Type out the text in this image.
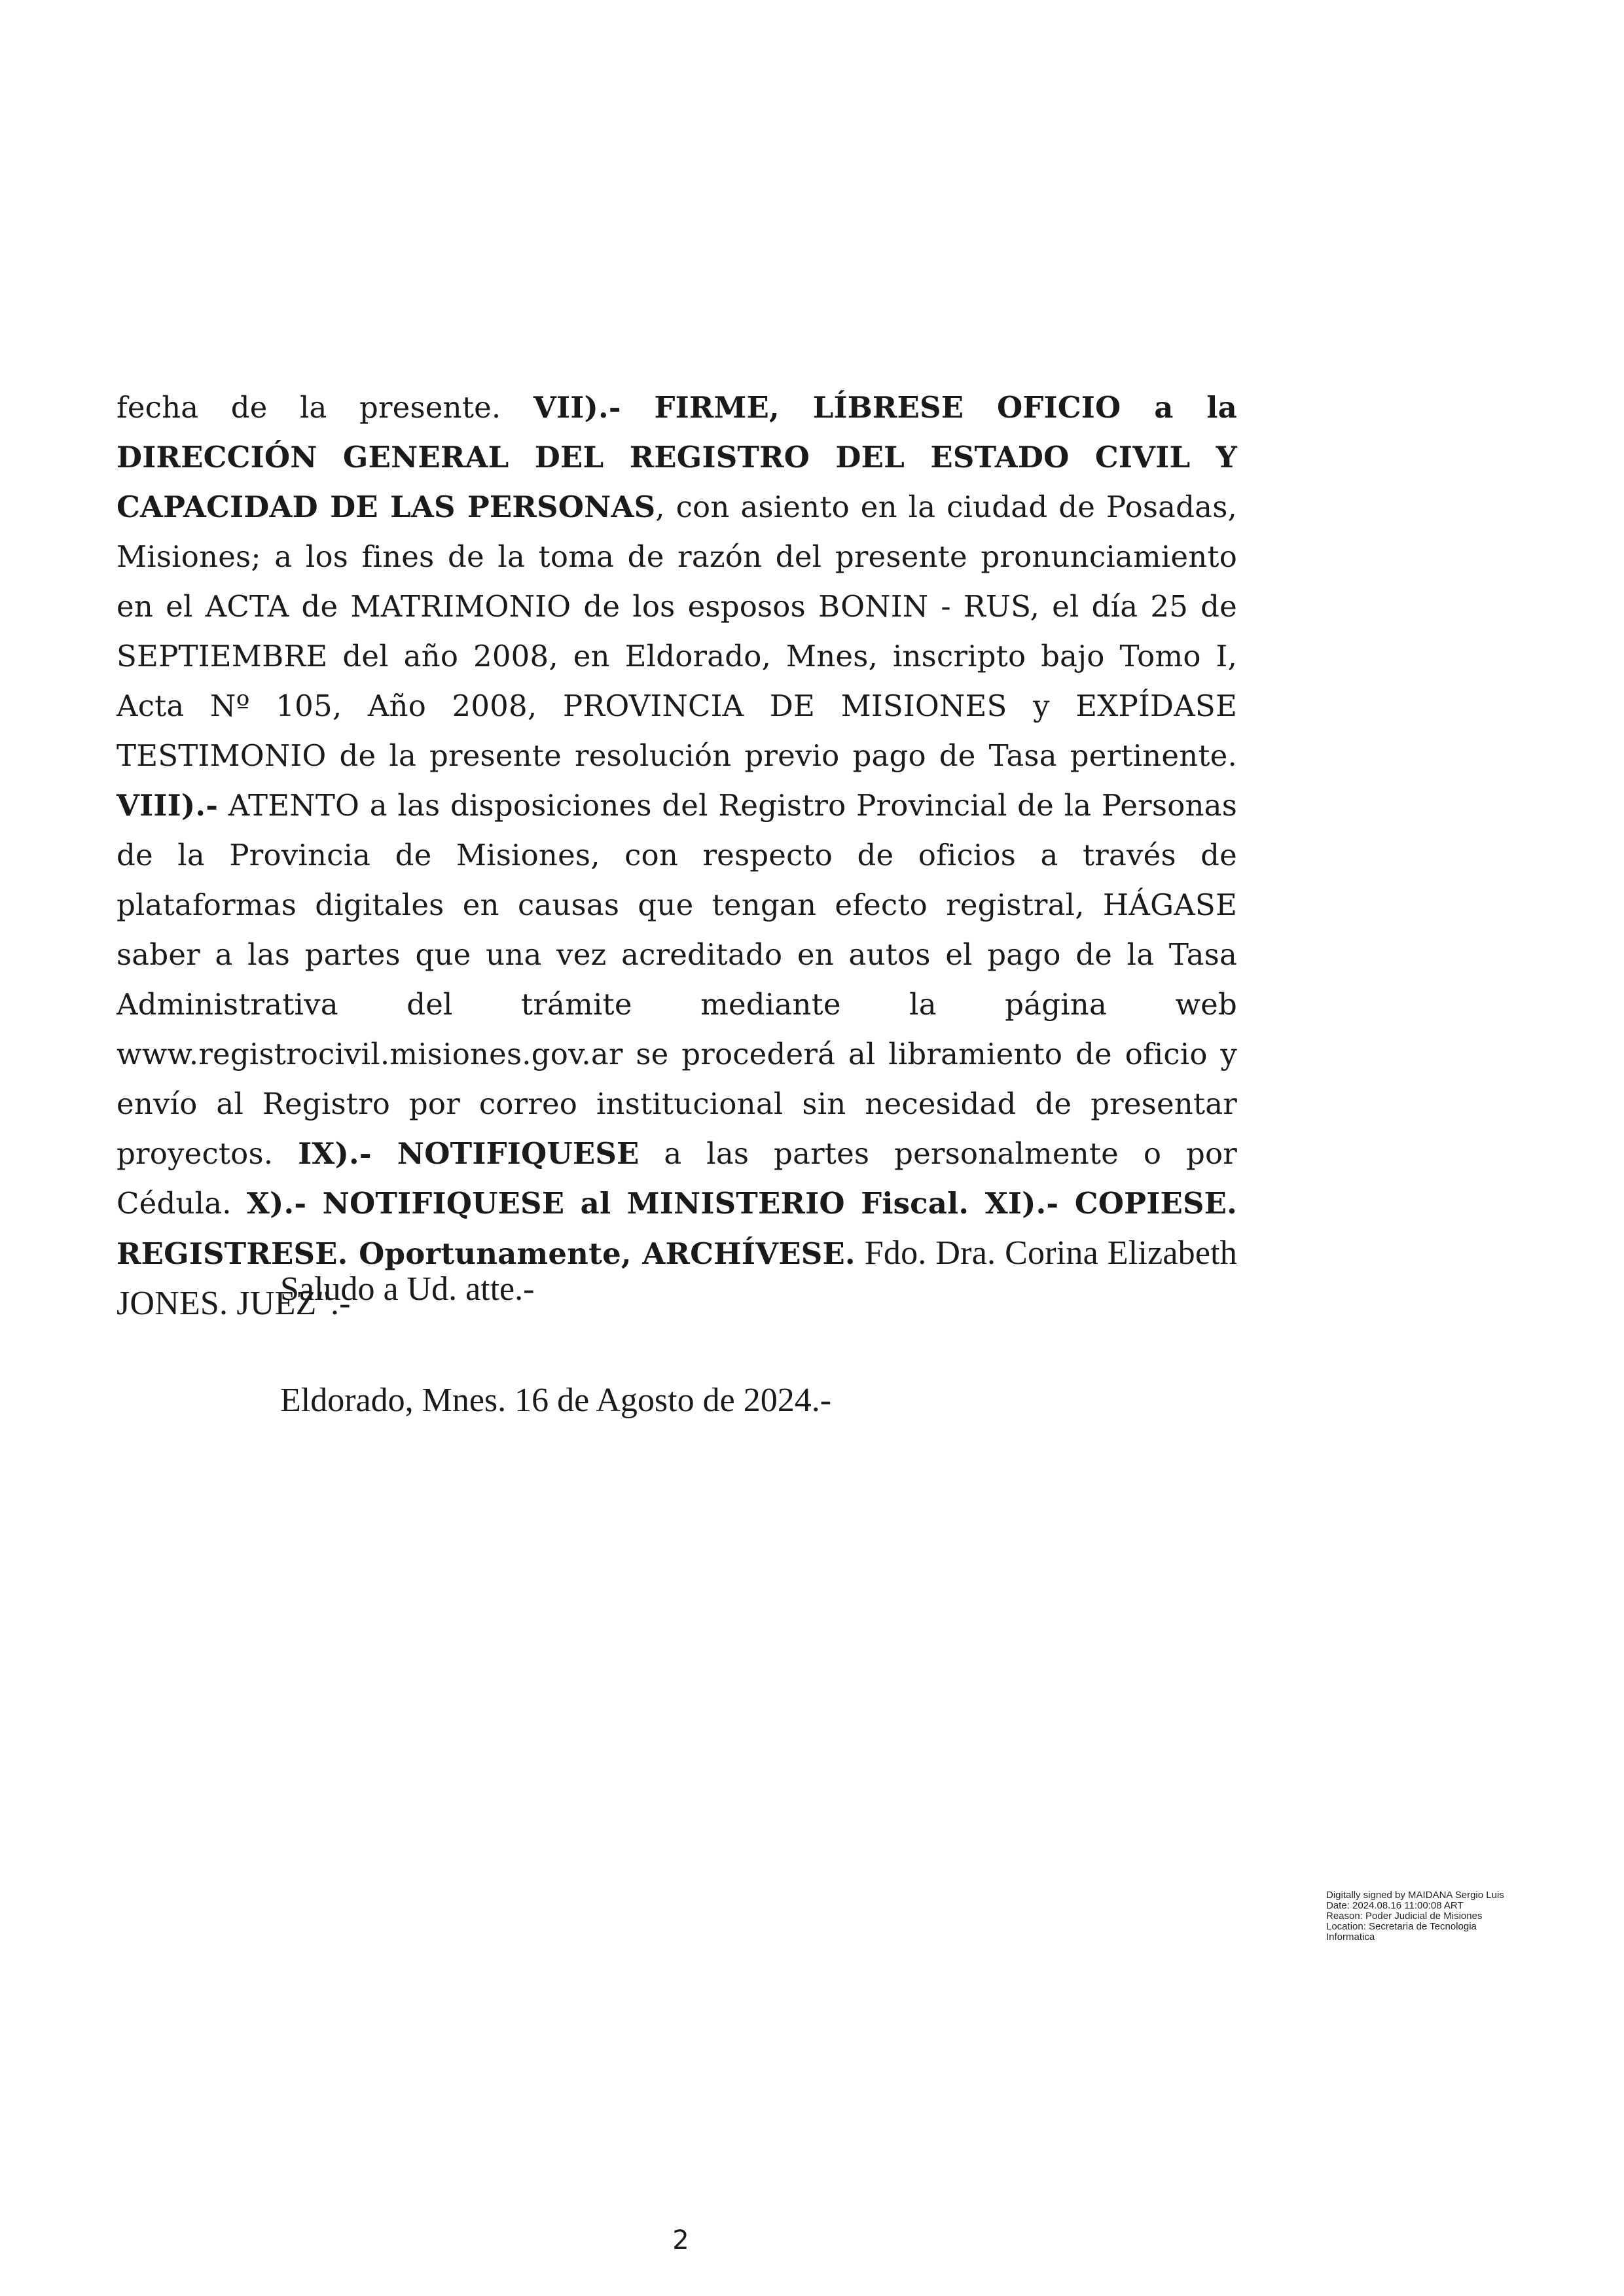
fecha de la presente. VII).- FIRME, LÍBRESE OFICIO a la DIRECCIÓN GENERAL DEL REGISTRO DEL ESTADO CIVIL Y CAPACIDAD DE LAS PERSONAS, con asiento en la ciudad de Posadas, Misiones; a los fines de la toma de razón del presente pronunciamiento en el ACTA de MATRIMONIO de los esposos BONIN - RUS, el día 25 de SEPTIEMBRE del año 2008, en Eldorado, Mnes, inscripto bajo Tomo I, Acta Nº 105, Año 2008, PROVINCIA DE MISIONES y EXPÍDASE TESTIMONIO de la presente resolución previo pago de Tasa pertinente. VIII).- ATENTO a las disposiciones del Registro Provincial de la Personas de la Provincia de Misiones, con respecto de oficios a través de plataformas digitales en causas que tengan efecto registral, HÁGASE saber a las partes que una vez acreditado en autos el pago de la Tasa Administrativa del trámite mediante la página web www.registrocivil.misiones.gov.ar se procederá al libramiento de oficio y envío al Registro por correo institucional sin necesidad de presentar proyectos. IX).- NOTIFIQUESE a las partes personalmente o por Cédula. X).- NOTIFIQUESE al MINISTERIO Fiscal. XI).- COPIESE. REGISTRESE. Oportunamente, ARCHÍVESE. Fdo. Dra. Corina Elizabeth JONES. JUEZ".-

Saludo a Ud. atte.-

Eldorado, Mnes. 16 de Agosto de 2024.-

Digitally signed by MAIDANA Sergio Luis
Date: 2024.08.16 11:00:08 ART
Reason: Poder Judicial de Misiones
Location: Secretaria de Tecnologia
Informatica
2
